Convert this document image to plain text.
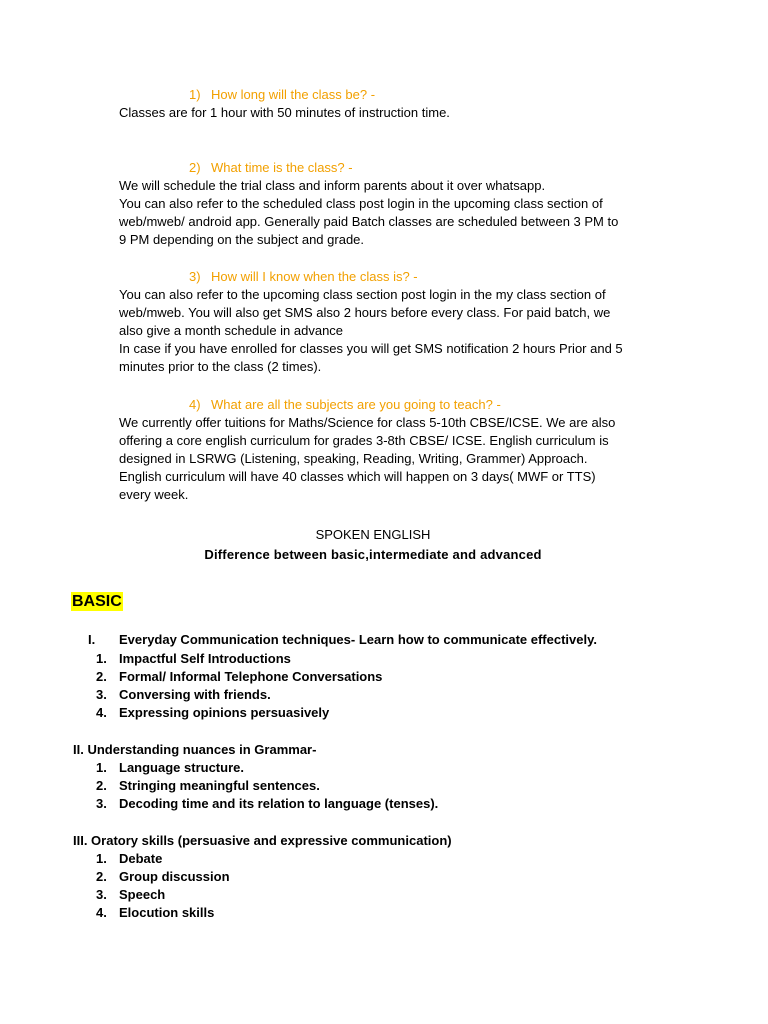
1) How long will the class be? -
Classes are for 1 hour with 50 minutes of instruction time.
2) What time is the class? -
We will schedule the trial class and inform parents about it over whatsapp.
You can also refer to the scheduled class post login in the upcoming class section of
web/mweb/ android app. Generally paid Batch classes are scheduled between 3 PM to
9 PM depending on the subject and grade.
3) How will I know when the class is? -
You can also refer to the upcoming class section post login in the my class section of
web/mweb. You will also get SMS also 2 hours before every class. For paid batch, we
also give a month schedule in advance
In case if you have enrolled for classes you will get SMS notification 2 hours Prior and 5
minutes prior to the class (2 times).
4) What are all the subjects are you going to teach? -
We currently offer tuitions for Maths/Science for class 5-10th CBSE/ICSE. We are also
offering a core english curriculum for grades 3-8th CBSE/ ICSE. English curriculum is
designed in LSRWG (Listening, speaking, Reading, Writing, Grammer) Approach.
English curriculum will have 40 classes which will happen on 3 days( MWF or TTS)
every week.
SPOKEN ENGLISH
Difference between basic,intermediate and advanced
BASIC
I. Everyday Communication techniques- Learn how to communicate effectively.
1. Impactful Self Introductions
2. Formal/ Informal Telephone Conversations
3. Conversing with friends.
4. Expressing opinions persuasively
II. Understanding nuances in Grammar-
1. Language structure.
2. Stringing meaningful sentences.
3. Decoding time and its relation to language (tenses).
III. Oratory skills (persuasive and expressive communication)
1. Debate
2. Group discussion
3. Speech
4. Elocution skills
